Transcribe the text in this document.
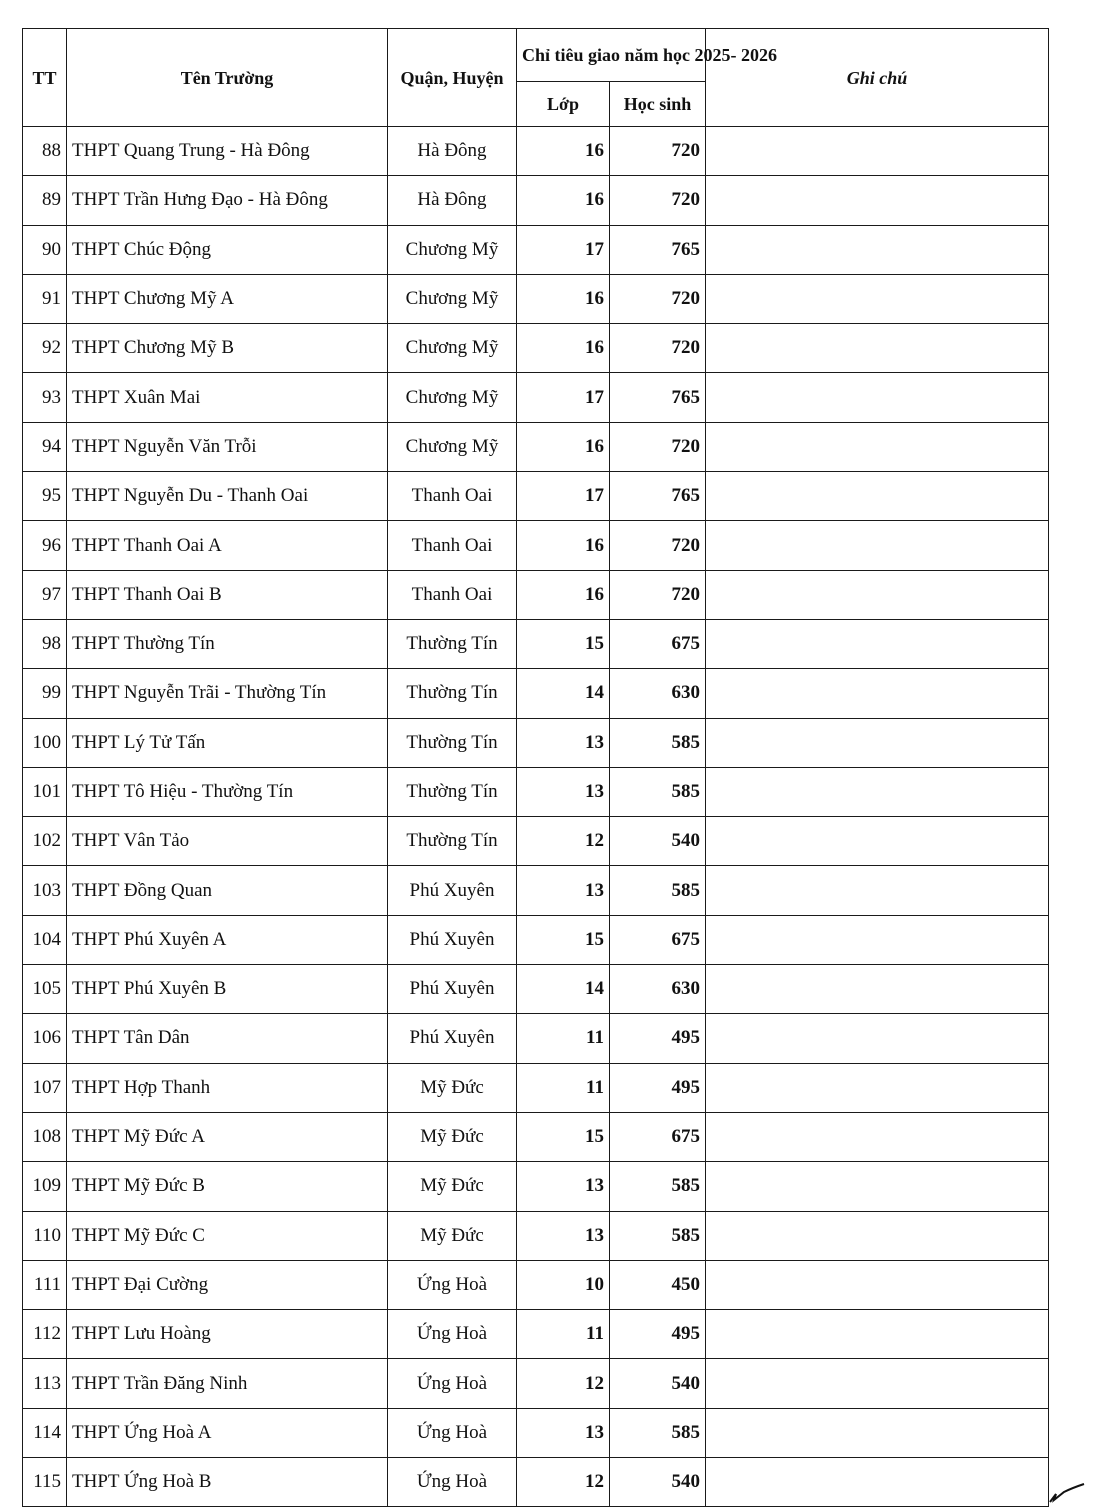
TT	Tên Trường	Quận, Huyện	Chỉ tiêu giao năm học 2025- 2026		Ghi chú
			Lớp	Học sinh	
88	THPT Quang Trung - Hà Đông	Hà Đông	16	720	
89	THPT Trần Hưng Đạo - Hà Đông	Hà Đông	16	720	
90	THPT Chúc Động	Chương Mỹ	17	765	
91	THPT Chương Mỹ A	Chương Mỹ	16	720	
92	THPT Chương Mỹ B	Chương Mỹ	16	720	
93	THPT Xuân Mai	Chương Mỹ	17	765	
94	THPT Nguyễn Văn Trỗi	Chương Mỹ	16	720	
95	THPT Nguyễn Du - Thanh Oai	Thanh Oai	17	765	
96	THPT Thanh Oai A	Thanh Oai	16	720	
97	THPT Thanh Oai B	Thanh Oai	16	720	
98	THPT Thường Tín	Thường Tín	15	675	
99	THPT Nguyễn Trãi - Thường Tín	Thường Tín	14	630	
100	THPT Lý Tử Tấn	Thường Tín	13	585	
101	THPT Tô Hiệu - Thường Tín	Thường Tín	13	585	
102	THPT Vân Tảo	Thường Tín	12	540	
103	THPT Đồng Quan	Phú Xuyên	13	585	
104	THPT Phú Xuyên A	Phú Xuyên	15	675	
105	THPT Phú Xuyên B	Phú Xuyên	14	630	
106	THPT Tân Dân	Phú Xuyên	11	495	
107	THPT Hợp Thanh	Mỹ Đức	11	495	
108	THPT Mỹ Đức A	Mỹ Đức	15	675	
109	THPT Mỹ Đức B	Mỹ Đức	13	585	
110	THPT Mỹ Đức C	Mỹ Đức	13	585	
111	THPT Đại Cường	Ứng Hoà	10	450	
112	THPT Lưu Hoàng	Ứng Hoà	11	495	
113	THPT Trần Đăng Ninh	Ứng Hoà	12	540	
114	THPT Ứng Hoà A	Ứng Hoà	13	585	
115	THPT Ứng Hoà B	Ứng Hoà	12	540	
